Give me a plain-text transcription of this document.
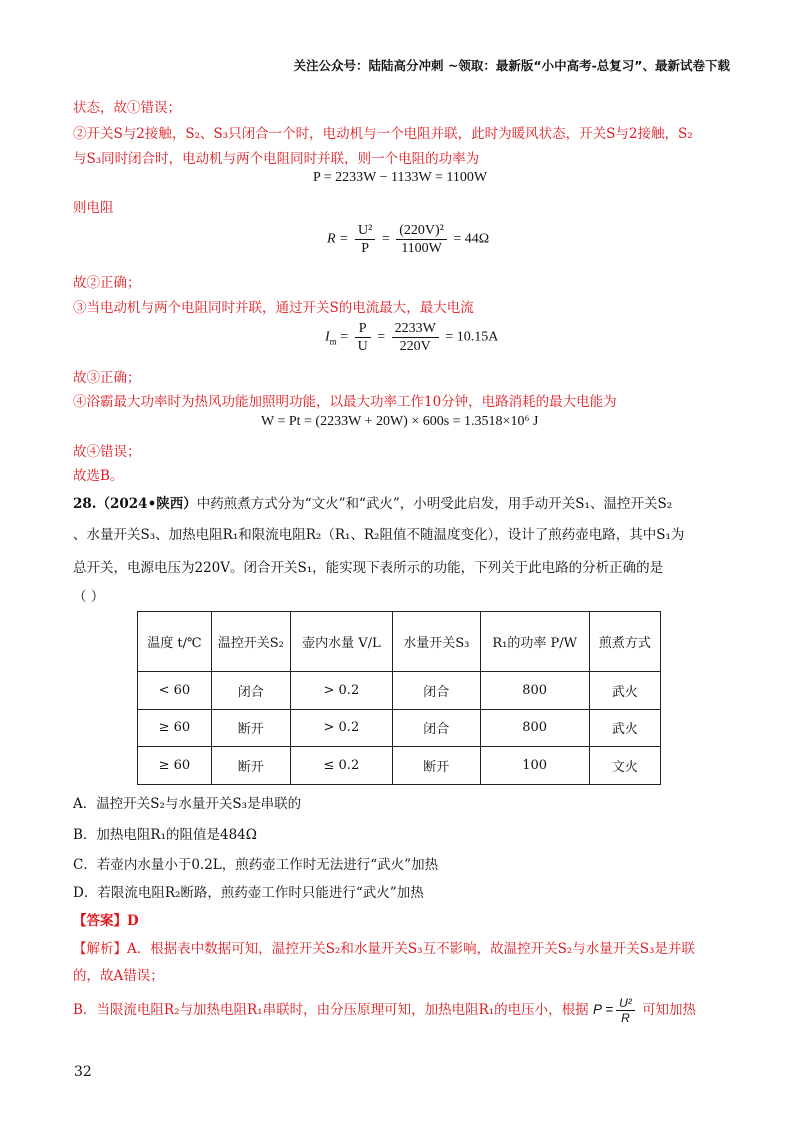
关注公众号：陆陆高分冲刺 ~领取：最新版“小中高考-总复习”、最新试卷下载
状态，故①错误；
②开关S与2接触，S₂、S₃只闭合一个时，电动机与一个电阻并联，此时为暖风状态，开关S与2接触，S₂
与S₃同时闭合时，电动机与两个电阻同时并联，则一个电阻的功率为
P = 2233W − 1133W = 1100W
则电阻
$R = \frac{\text{U²}}{P} = \frac{\text{(220V)²}}{1100W} = 44\Omega$
故②正确；
③当电动机与两个电阻同时并联，通过开关S的电流最大，最大电流
$I_m = \frac{P}{U} = \frac{2233W}{220V} = 10.15A$
故③正确；
④浴霸最大功率时为热风功能加照明功能，以最大功率工作10分钟，电路消耗的最大电能为
W = Pt = (2233W + 20W) × 600s = 1.3518×10⁶ J
故④错误；
故选B。
28.（2024•陕西）中药煎煮方式分为“文火”和“武火”，小明受此启发，用手动开关S₁、温控开关S₂
、水量开关S₃、加热电阻R₁和限流电阻R₂（R₁、R₂阻值不随温度变化），设计了煎药壶电路，其中S₁为
总开关，电源电压为220V。闭合开关S₁，能实现下表所示的功能，下列关于此电路的分析正确的是
（ ）
温度 t/℃	温控开关S₂	壶内水量 V/L	水量开关S₃	R₁的功率 P/W	煎煮方式
< 60	闭合	> 0.2	闭合	800	武火
≥ 60	断开	> 0.2	闭合	800	武火
≥ 60	断开	≤ 0.2	断开	100	文火
A．温控开关S₂与水量开关S₃是串联的
B．加热电阻R₁的阻值是484Ω
C．若壶内水量小于0.2L，煎药壶工作时无法进行“武火”加热
D．若限流电阻R₂断路，煎药壶工作时只能进行“武火”加热
【答案】D
【解析】A．根据表中数据可知，温控开关S₂和水量开关S₃互不影响，故温控开关S₂与水量开关S₃是并联
的，故A错误；
B．当限流电阻R₂与加热电阻R₁串联时，由分压原理可知，加热电阻R₁的电压小，根据 $P = \frac{\text{U²}}{R}$ 可知加热
32
